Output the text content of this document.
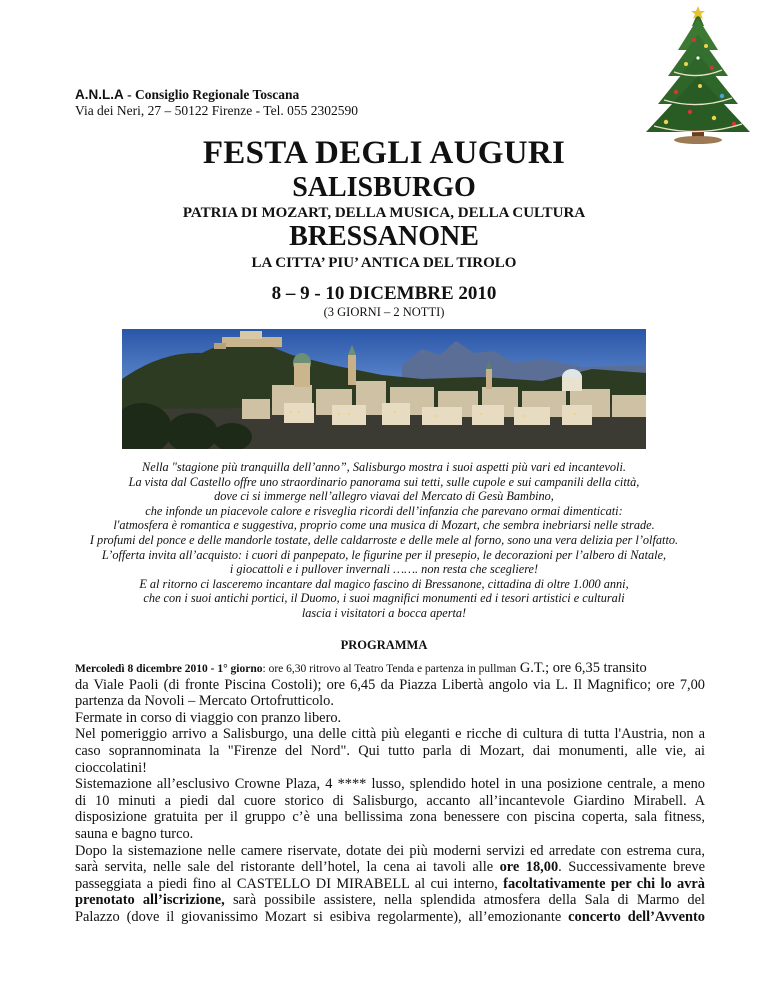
A.N.L.A - Consiglio Regionale Toscana
Via dei Neri, 27 – 50122 Firenze - Tel. 055 2302590
FESTA DEGLI AUGURI
SALISBURGO
PATRIA DI MOZART, DELLA MUSICA, DELLA CULTURA
BRESSANONE
LA CITTA’ PIU’ ANTICA DEL TIROLO
8 – 9 - 10 DICEMBRE 2010
(3 GIORNI – 2 NOTTI)
Nella "stagione più tranquilla dell’anno”, Salisburgo mostra i suoi aspetti più vari ed incantevoli.
La vista dal Castello offre uno straordinario panorama sui tetti, sulle cupole e sui campanili della città,
dove ci si immerge nell’allegro viavai del Mercato di Gesù Bambino,
che infonde un piacevole calore e risveglia ricordi dell’infanzia che parevano ormai dimenticati:
l'atmosfera è romantica e suggestiva, proprio come una musica di Mozart, che sembra inebriarsi nelle strade.
I profumi del ponce e delle mandorle tostate, delle caldarroste e delle mele al forno, sono una vera delizia per l’olfatto.
L’offerta invita all’acquisto: i cuori di panpepato, le figurine per il presepio, le decorazioni per l’albero di Natale,
i giocattoli e i pullover invernali ……. non resta che scegliere!
E al ritorno ci lasceremo incantare dal magico fascino di Bressanone, cittadina di oltre 1.000 anni,
che con i suoi antichi portici, il Duomo, i suoi magnifici monumenti ed i tesori artistici e culturali
lascia i visitatori a bocca aperta!
PROGRAMMA
Mercoledì 8 dicembre 2010 - 1° giorno: ore 6,30 ritrovo al Teatro Tenda e partenza in pullman G.T.; ore 6,35 transito
da Viale Paoli (di fronte Piscina Costoli); ore 6,45 da Piazza Libertà angolo via L. Il Magnifico; ore 7,00
partenza da Novoli – Mercato Ortofrutticolo.
Fermate in corso di viaggio con pranzo libero.
Nel pomeriggio arrivo a Salisburgo, una delle città più eleganti e ricche di cultura di tutta l'Austria, non a
caso soprannominata la "Firenze del Nord". Qui tutto parla di Mozart, dai monumenti, alle vie, ai
cioccolatini!
Sistemazione all’esclusivo Crowne Plaza, 4 **** lusso, splendido hotel in una posizione centrale, a meno
di 10 minuti a piedi dal cuore storico di Salisburgo, accanto all’incantevole Giardino Mirabell. A
disposizione gratuita per il gruppo c’è una bellissima zona benessere con piscina coperta, sala fitness,
sauna e bagno turco.
Dopo la sistemazione nelle camere riservate, dotate dei più moderni servizi ed arredate con estrema cura,
sarà servita, nelle sale del ristorante dell’hotel, la cena ai tavoli alle ore 18,00. Successivamente breve
passeggiata a piedi fino al CASTELLO DI MIRABELL al cui interno, facoltativamente per chi lo avrà
prenotato all’iscrizione, sarà possibile assistere, nella splendida atmosfera della Sala di Marmo del
Palazzo (dove il giovanissimo Mozart si esibiva regolarmente), all’emozionante concerto dell’Avvento
